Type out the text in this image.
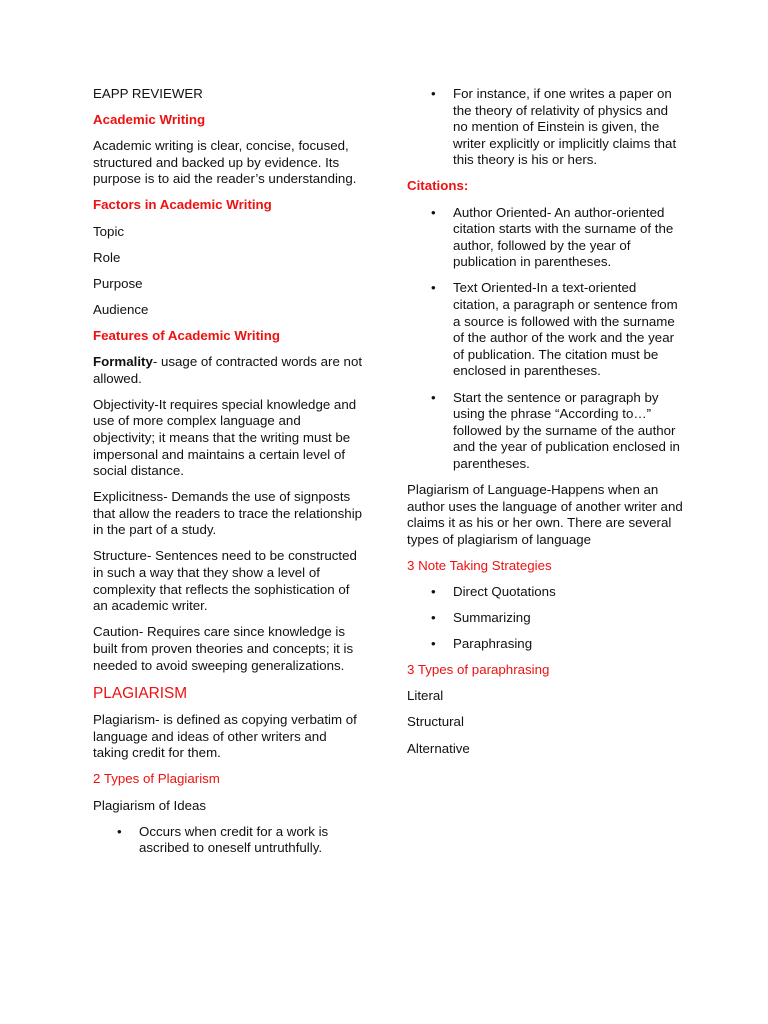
EAPP REVIEWER

Academic Writing

Academic writing is clear, concise, focused, structured and backed up by evidence. Its purpose is to aid the reader’s understanding.

Factors in Academic Writing

Topic

Role

Purpose

Audience

Features of Academic Writing

Formality- usage of contracted words are not allowed.

Objectivity-It requires special knowledge and use of more complex language and objectivity; it means that the writing must be impersonal and maintains a certain level of social distance.

Explicitness- Demands the use of signposts that allow the readers to trace the relationship in the part of a study.

Structure- Sentences need to be constructed in such a way that they show a level of complexity that reflects the sophistication of an academic writer.

Caution- Requires care since knowledge is built from proven theories and concepts; it is needed to avoid sweeping generalizations.

PLAGIARISM

Plagiarism- is defined as copying verbatim of language and ideas of other writers and taking credit for them.

2 Types of Plagiarism

Plagiarism of Ideas

• Occurs when credit for a work is ascribed to oneself untruthfully.
• For instance, if one writes a paper on the theory of relativity of physics and no mention of Einstein is given, the writer explicitly or implicitly claims that this theory is his or hers.

Citations:

• Author Oriented- An author-oriented citation starts with the surname of the author, followed by the year of publication in parentheses.
• Text Oriented-In a text-oriented citation, a paragraph or sentence from a source is followed with the surname of the author of the work and the year of publication. The citation must be enclosed in parentheses.
• Start the sentence or paragraph by using the phrase “According to…” followed by the surname of the author and the year of publication enclosed in parentheses.

Plagiarism of Language-Happens when an author uses the language of another writer and claims it as his or her own. There are several types of plagiarism of language

3 Note Taking Strategies

• Direct Quotations
• Summarizing
• Paraphrasing

3 Types of paraphrasing

Literal

Structural

Alternative
